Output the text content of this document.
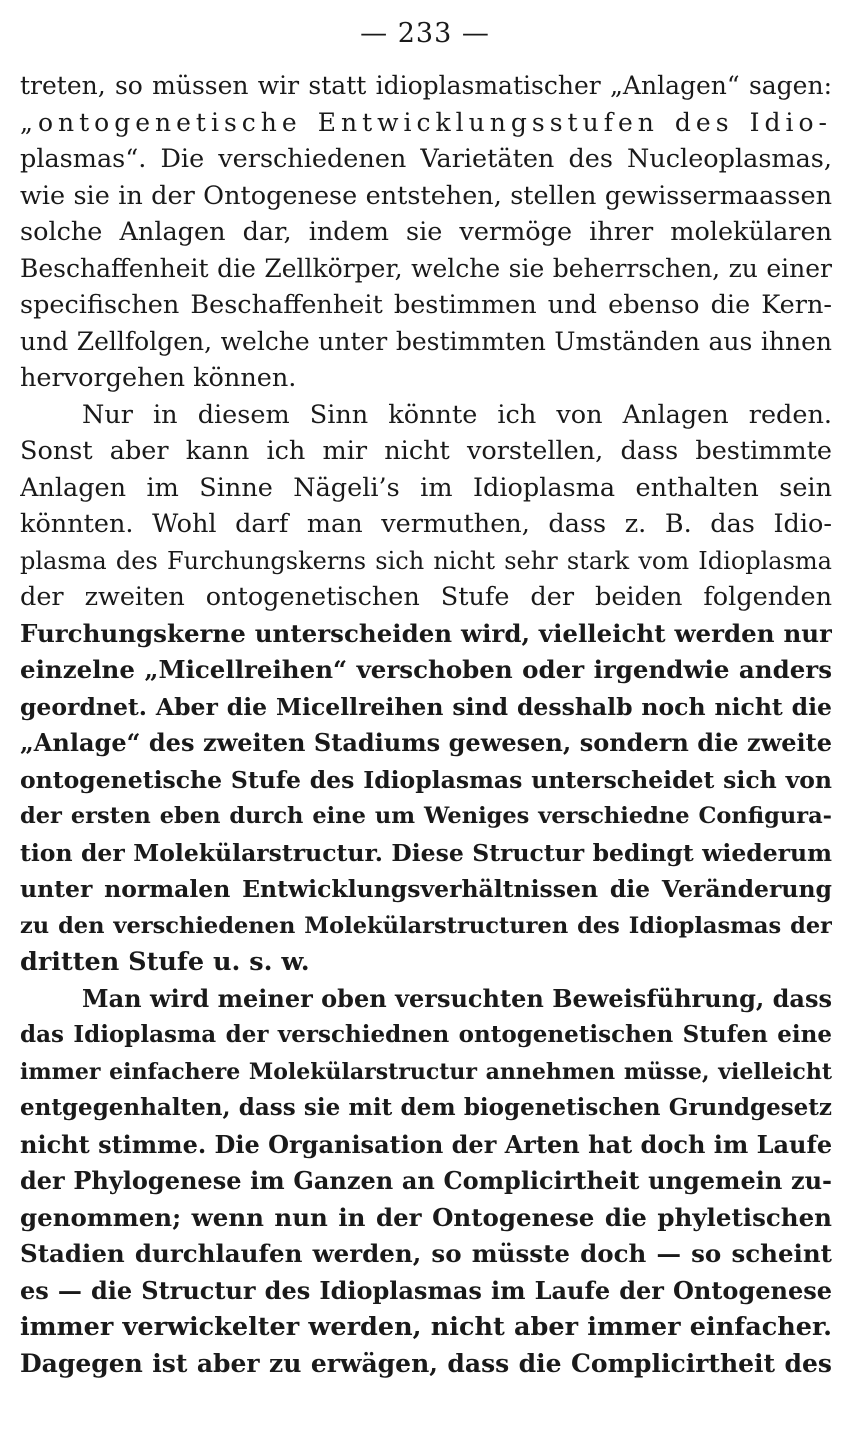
— 233 —
treten, so müssen wir statt idioplasmatischer „Anlagen“ sagen:
„ontogenetische Entwicklungsstufen des Idio-
plasmas“. Die verschiedenen Varietäten des Nucleoplasmas,
wie sie in der Ontogenese entstehen, stellen gewissermaassen
solche Anlagen dar, indem sie vermöge ihrer molekülaren
Beschaffenheit die Zellkörper, welche sie beherrschen, zu einer
specifischen Beschaffenheit bestimmen und ebenso die Kern-
und Zellfolgen, welche unter bestimmten Umständen aus ihnen
hervorgehen können.
Nur in diesem Sinn könnte ich von Anlagen reden.
Sonst aber kann ich mir nicht vorstellen, dass bestimmte
Anlagen im Sinne Nägeli’s im Idioplasma enthalten sein
könnten. Wohl darf man vermuthen, dass z. B. das Idio-
plasma des Furchungskerns sich nicht sehr stark vom Idioplasma
der zweiten ontogenetischen Stufe der beiden folgenden
Furchungskerne unterscheiden wird, vielleicht werden nur
einzelne „Micellreihen“ verschoben oder irgendwie anders
geordnet. Aber die Micellreihen sind desshalb noch nicht die
„Anlage“ des zweiten Stadiums gewesen, sondern die zweite
ontogenetische Stufe des Idioplasmas unterscheidet sich von
der ersten eben durch eine um Weniges verschiedne Configura-
tion der Molekülarstructur. Diese Structur bedingt wiederum
unter normalen Entwicklungsverhältnissen die Veränderung
zu den verschiedenen Molekülarstructuren des Idioplasmas der
dritten Stufe u. s. w.
Man wird meiner oben versuchten Beweisführung, dass
das Idioplasma der verschiednen ontogenetischen Stufen eine
immer einfachere Molekülarstructur annehmen müsse, vielleicht
entgegenhalten, dass sie mit dem biogenetischen Grundgesetz
nicht stimme. Die Organisation der Arten hat doch im Laufe
der Phylogenese im Ganzen an Complicirtheit ungemein zu-
genommen; wenn nun in der Ontogenese die phyletischen
Stadien durchlaufen werden, so müsste doch — so scheint
es — die Structur des Idioplasmas im Laufe der Ontogenese
immer verwickelter werden, nicht aber immer einfacher.
Dagegen ist aber zu erwägen, dass die Complicirtheit des
